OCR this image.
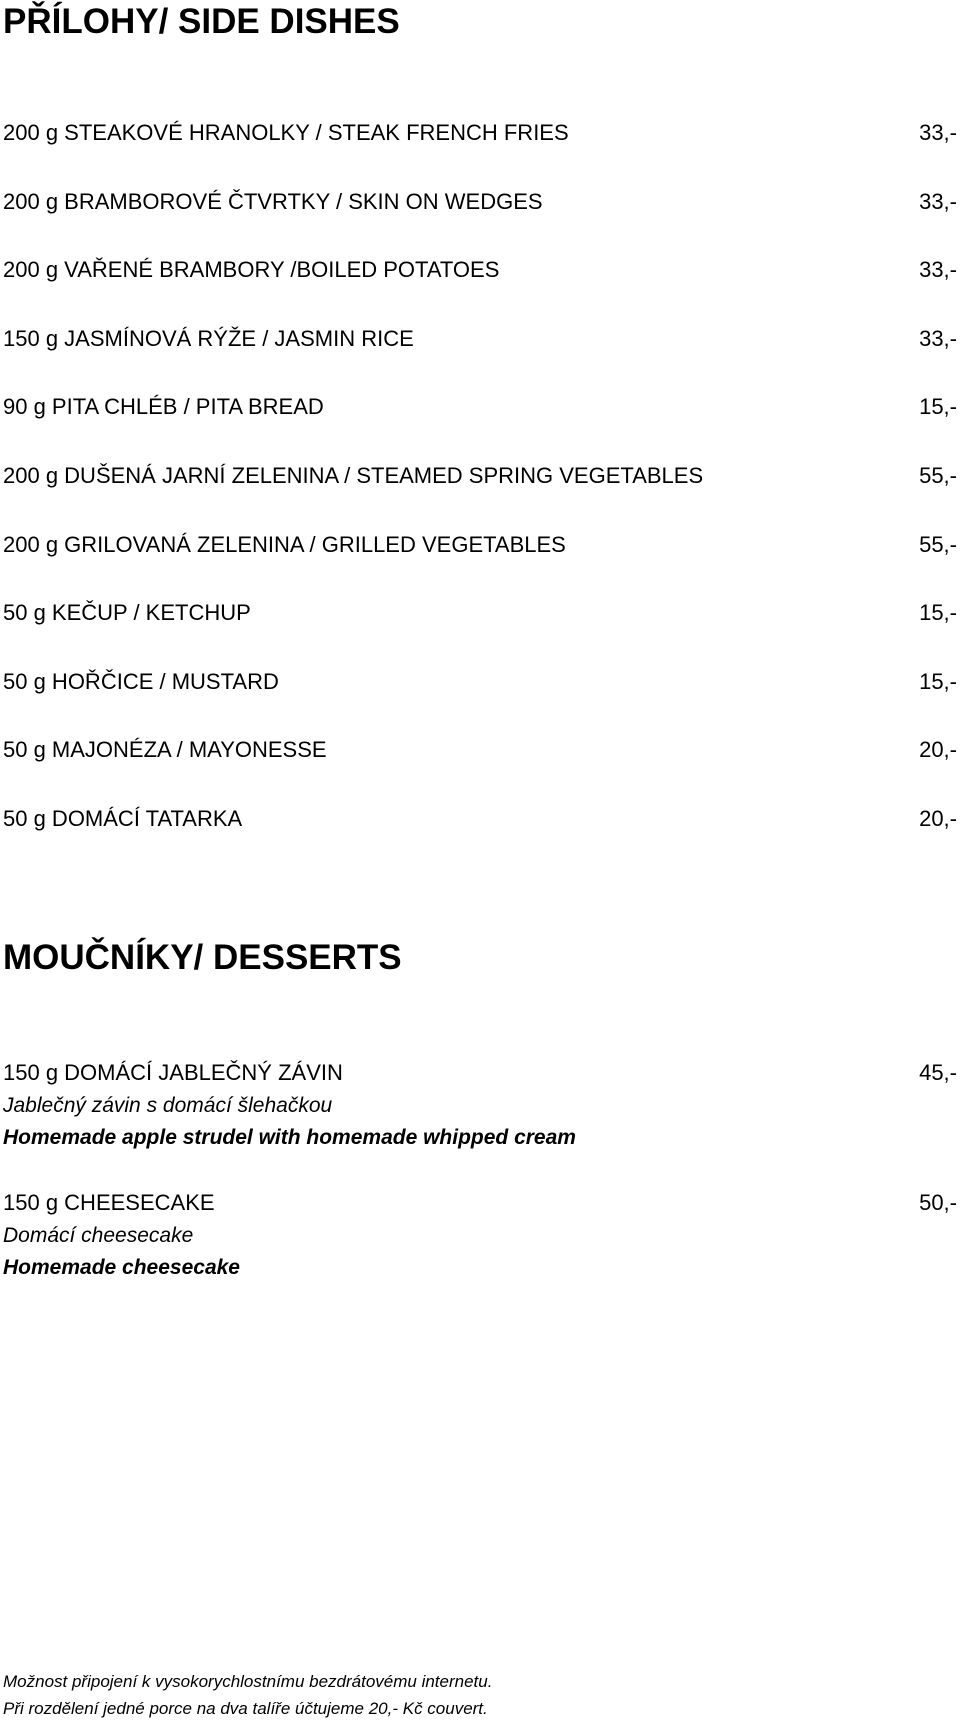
PŘÍLOHY/ SIDE DISHES
200 g STEAKOVÉ HRANOLKY / STEAK FRENCH FRIES	33,-
200 g BRAMBOROVÉ ČTVRTKY / SKIN ON WEDGES	33,-
200 g VAŘENÉ BRAMBORY /BOILED POTATOES	33,-
150 g JASMÍNOVÁ RÝŽE / JASMIN RICE	33,-
90 g PITA CHLÉB / PITA BREAD	15,-
200 g DUŠENÁ JARNÍ ZELENINA / STEAMED SPRING VEGETABLES	55,-
200 g GRILOVANÁ ZELENINA / GRILLED VEGETABLES	55,-
50 g KEČUP / KETCHUP	15,-
50 g HOŘČICE / MUSTARD	15,-
50 g MAJONÉZA / MAYONESSE	20,-
50 g DOMÁCÍ TATARKA	20,-
MOUČNÍKY/ DESSERTS
150 g DOMÁCÍ JABLEČNÝ ZÁVIN	45,-
Jablečný závin s domácí šlehačkou
Homemade apple strudel with homemade whipped cream
150 g CHEESECAKE	50,-
Domácí cheesecake
Homemade cheesecake
Možnost připojení k vysokorychlostnímu bezdrátovému internetu.
Při rozdělení jedné porce na dva talíře účtujeme 20,- Kč couvert.
